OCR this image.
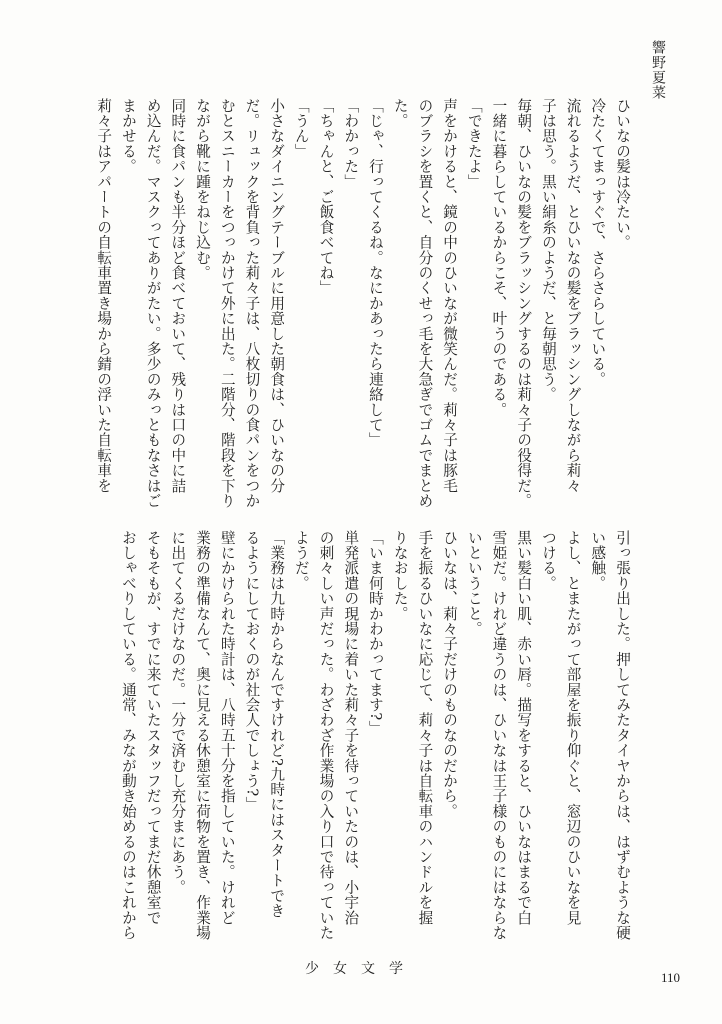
響野夏菜
ひいなの髪は冷たい。
冷たくてまっすぐで、さらさらしている。
流れるようだ、とひいなの髪をブラッシングしながら莉々
子は思う。黒い絹糸のようだ、と毎朝思う。
毎朝、ひいなの髪をブラッシングするのは莉々子の役得だ。
一緒に暮らしているからこそ、叶うのである。
「できたよ」
声をかけると、鏡の中のひいなが微笑んだ。莉々子は豚毛
のブラシを置くと、自分のくせっ毛を大急ぎでゴムでまとめ
た。
「じゃ、行ってくるね。なにかあったら連絡して」
「わかった」
「ちゃんと、ご飯食べてね」
「うん」
小さなダイニングテーブルに用意した朝食は、ひいなの分
だ。リュックを背負った莉々子は、八枚切りの食パンをつか
むとスニーカーをつっかけて外に出た。二階分、階段を下り
ながら靴に踵をねじ込む。
同時に食パンも半分ほど食べておいて、残りは口の中に詰
め込んだ。マスクってありがたい。多少のみっともなさはご
まかせる。
莉々子はアパートの自転車置き場から錆の浮いた自転車を
引っ張り出した。押してみたタイヤからは、はずむような硬
い感触。
よし、とまたがって部屋を振り仰ぐと、窓辺のひいなを見
つける。
黒い髪白い肌、赤い唇。描写をすると、ひいなはまるで白
雪姫だ。けれど違うのは、ひいなは王子様のものにはならな
いということ。
ひいなは、莉々子だけのものなのだから。
手を振るひいなに応じて、莉々子は自転車のハンドルを握
りなおした。
「いま何時かわかってます?」
単発派遣の現場に着いた莉々子を待っていたのは、小宇治
の刺々しい声だった。わざわざ作業場の入り口で待っていた
ようだ。
「業務は九時からなんですけれど?九時にはスタートでき
るようにしておくのが社会人でしょう?」
壁にかけられた時計は、八時五十分を指していた。けれど
業務の準備なんて、奥に見える休憩室に荷物を置き、作業場
に出てくるだけなのだ。一分で済むし充分まにあう。
そもそもが、すでに来ていたスタッフだってまだ休憩室で
おしゃべりしている。通常、みなが動き始めるのはこれから
少女文学
110
